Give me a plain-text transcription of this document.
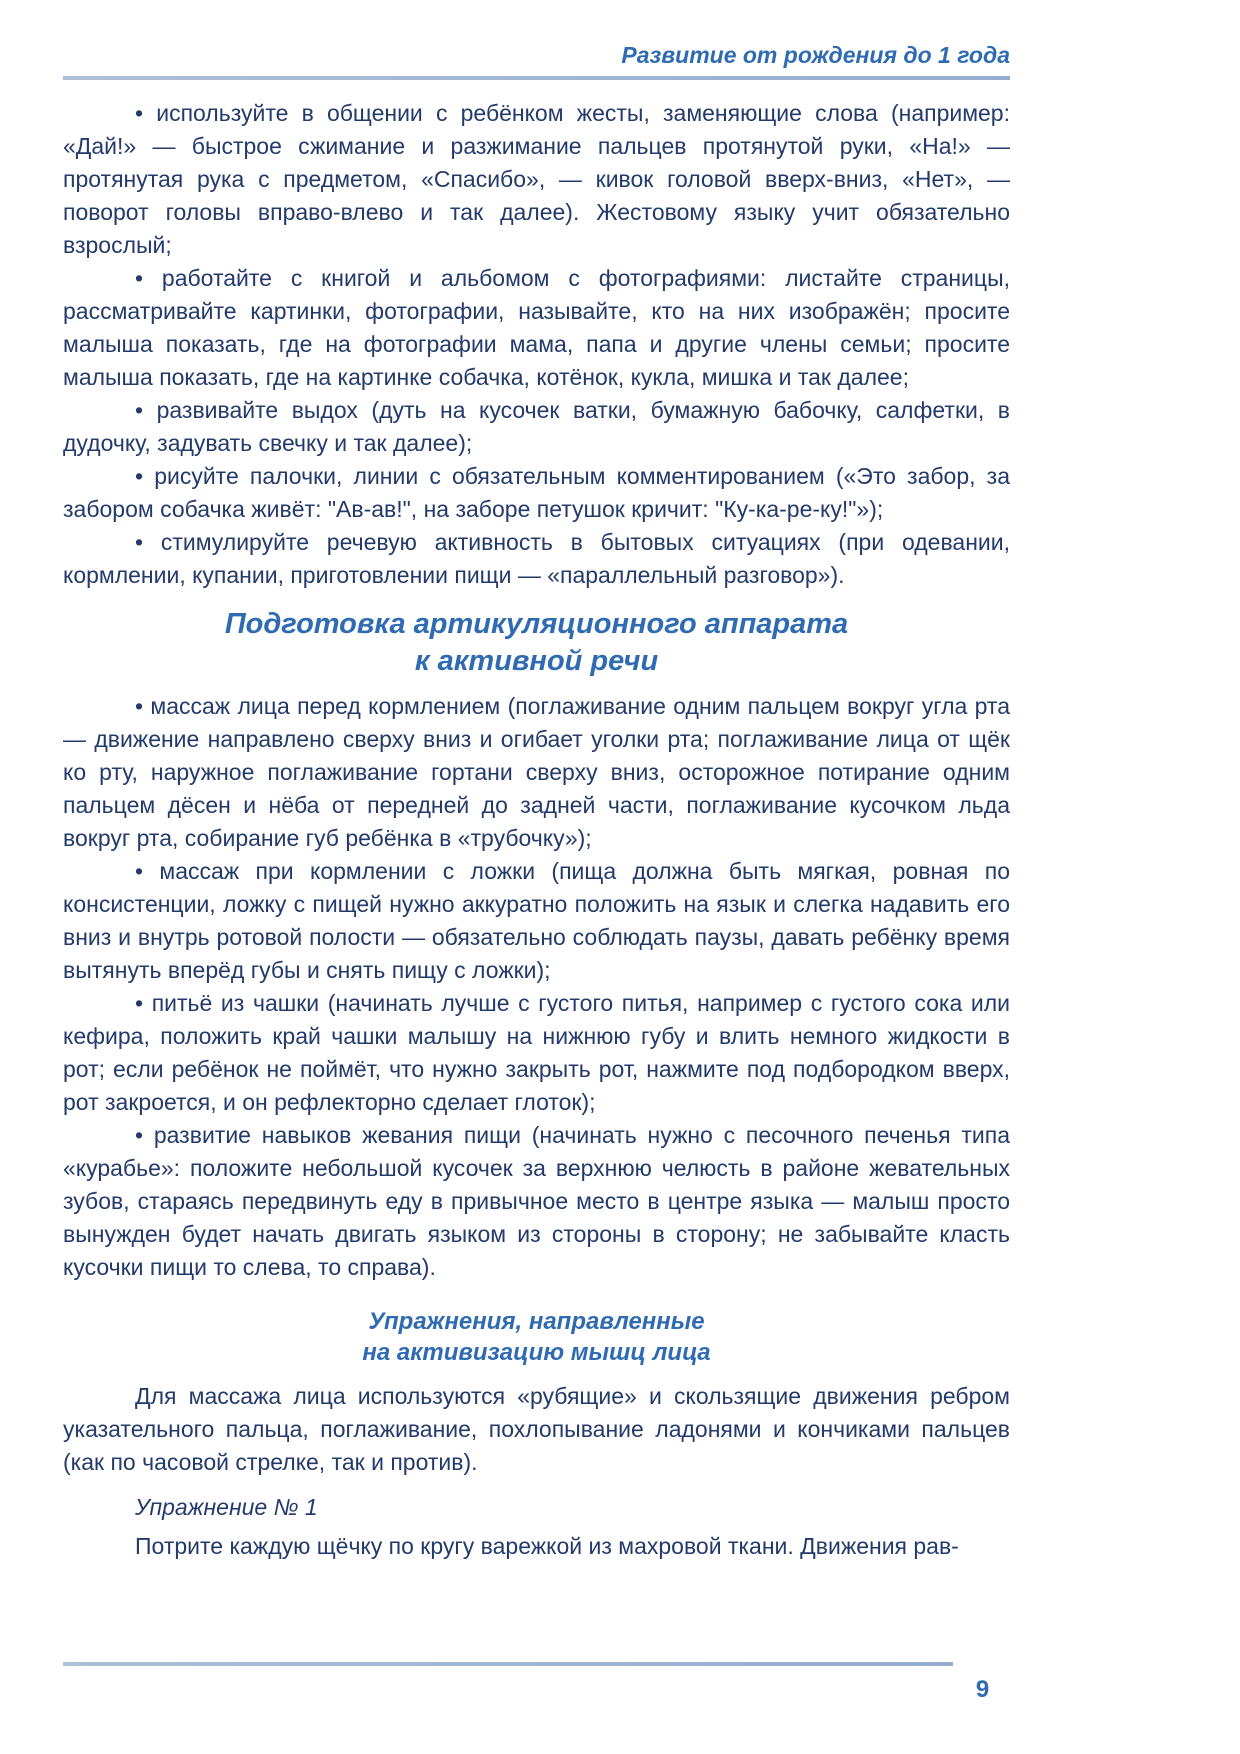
Развитие от рождения до 1 года

• используйте в общении с ребёнком жесты, заменяющие слова (например: «Дай!» — быстрое сжимание и разжимание пальцев протянутой руки, «На!» — протянутая рука с предметом, «Спасибо», — кивок головой вверх-вниз, «Нет», — поворот головы вправо-влево и так далее). Жестовому языку учит обязательно взрослый;

• работайте с книгой и альбомом с фотографиями: листайте страницы, рассматривайте картинки, фотографии, называйте, кто на них изображён; просите малыша показать, где на фотографии мама, папа и другие члены семьи; просите малыша показать, где на картинке собачка, котёнок, кукла, мишка и так далее;

• развивайте выдох (дуть на кусочек ватки, бумажную бабочку, салфетки, в дудочку, задувать свечку и так далее);

• рисуйте палочки, линии с обязательным комментированием («Это забор, за забором собачка живёт: "Ав-ав!", на заборе петушок кричит: "Ку-ка-ре-ку!"»);

• стимулируйте речевую активность в бытовых ситуациях (при одевании, кормлении, купании, приготовлении пищи — «параллельный разговор»).

Подготовка артикуляционного аппарата
к активной речи

• массаж лица перед кормлением (поглаживание одним пальцем вокруг угла рта — движение направлено сверху вниз и огибает уголки рта; поглаживание лица от щёк ко рту, наружное поглаживание гортани сверху вниз, осторожное потирание одним пальцем дёсен и нёба от передней до задней части, поглаживание кусочком льда вокруг рта, собирание губ ребёнка в «трубочку»);

• массаж при кормлении с ложки (пища должна быть мягкая, ровная по консистенции, ложку с пищей нужно аккуратно положить на язык и слегка надавить его вниз и внутрь ротовой полости — обязательно соблюдать паузы, давать ребёнку время вытянуть вперёд губы и снять пищу с ложки);

• питьё из чашки (начинать лучше с густого питья, например с густого сока или кефира, положить край чашки малышу на нижнюю губу и влить немного жидкости в рот; если ребёнок не поймёт, что нужно закрыть рот, нажмите под подбородком вверх, рот закроется, и он рефлекторно сделает глоток);

• развитие навыков жевания пищи (начинать нужно с песочного печенья типа «курабье»: положите небольшой кусочек за верхнюю челюсть в районе жевательных зубов, стараясь передвинуть еду в привычное место в центре языка — малыш просто вынужден будет начать двигать языком из стороны в сторону; не забывайте класть кусочки пищи то слева, то справа).

Упражнения, направленные
на активизацию мышц лица

Для массажа лица используются «рубящие» и скользящие движения ребром указательного пальца, поглаживание, похлопывание ладонями и кончиками пальцев (как по часовой стрелке, так и против).

Упражнение № 1

Потрите каждую щёчку по кругу варежкой из махровой ткани. Движения рав-

9
